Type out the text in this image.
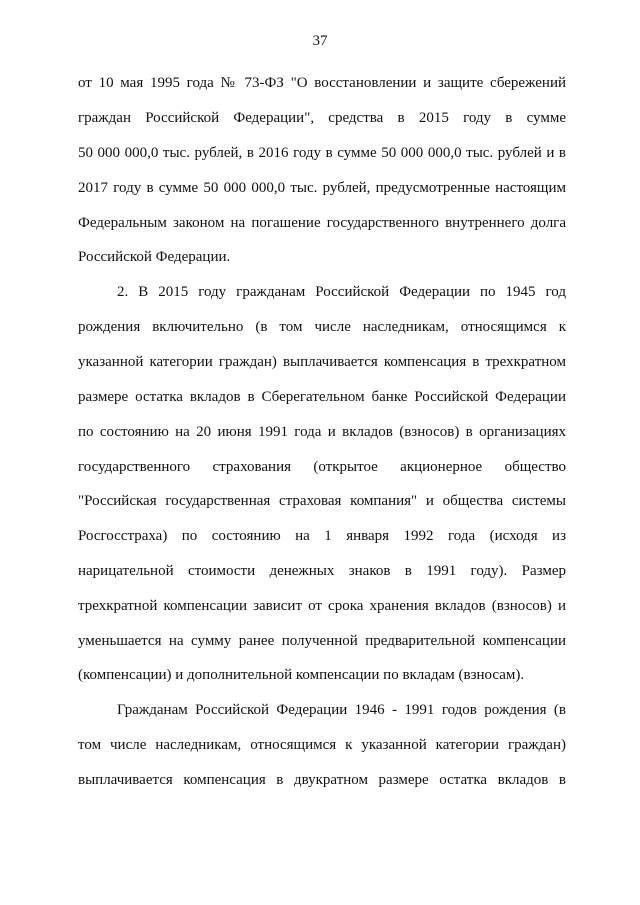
37
от 10 мая 1995 года № 73-ФЗ "О восстановлении и защите сбережений
граждан Российской Федерации", средства в 2015 году в сумме
50 000 000,0 тыс. рублей, в 2016 году в сумме 50 000 000,0 тыс. рублей и в
2017 году в сумме 50 000 000,0 тыс. рублей, предусмотренные настоящим
Федеральным законом на погашение государственного внутреннего долга
Российской Федерации.
2. В 2015 году гражданам Российской Федерации по 1945 год
рождения включительно (в том числе наследникам, относящимся к
указанной категории граждан) выплачивается компенсация в трехкратном
размере остатка вкладов в Сберегательном банке Российской Федерации
по состоянию на 20 июня 1991 года и вкладов (взносов) в организациях
государственного страхования (открытое акционерное общество
"Российская государственная страховая компания" и общества системы
Росгосстраха) по состоянию на 1 января 1992 года (исходя из
нарицательной стоимости денежных знаков в 1991 году). Размер
трехкратной компенсации зависит от срока хранения вкладов (взносов) и
уменьшается на сумму ранее полученной предварительной компенсации
(компенсации) и дополнительной компенсации по вкладам (взносам).
Гражданам Российской Федерации 1946 - 1991 годов рождения (в
том числе наследникам, относящимся к указанной категории граждан)
выплачивается компенсация в двукратном размере остатка вкладов в
